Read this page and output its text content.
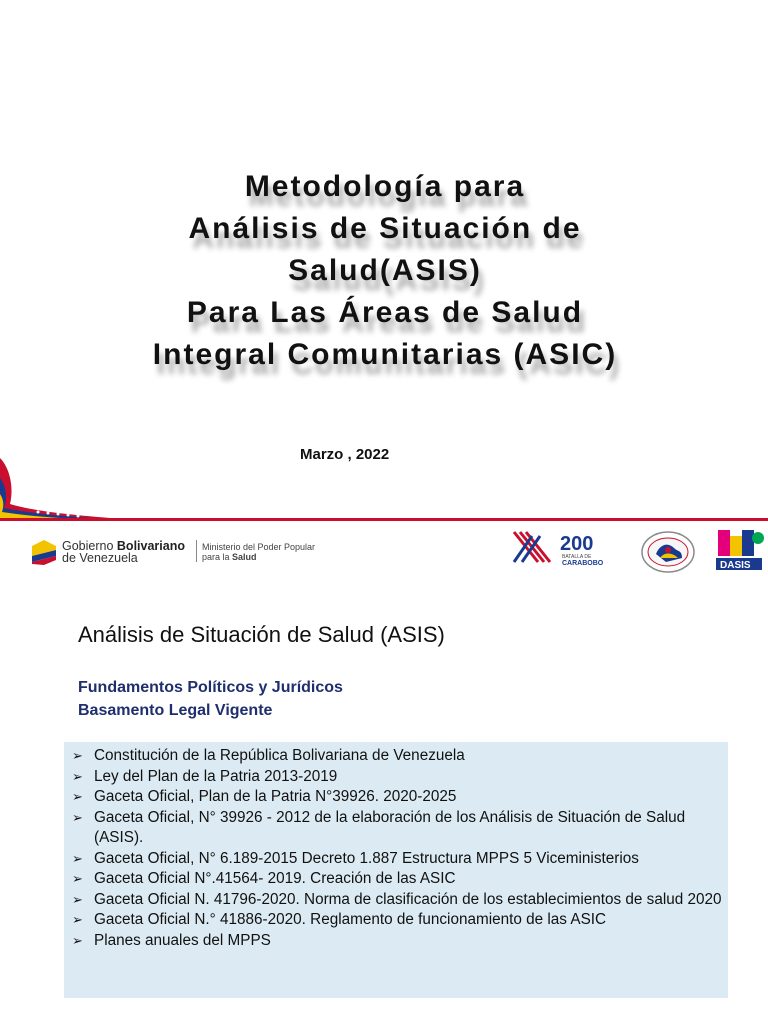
Metodología para
Análisis de Situación de
Salud(ASIS)
Para Las Áreas de Salud
Integral Comunitarias (ASIC)
Marzo , 2022
Gobierno Bolivariano
de Venezuela
Ministerio del Poder Popular
para la Salud
200
BATALLA DE
CARABOBO	DASIS
Análisis de Situación de Salud (ASIS)
Fundamentos Políticos y Jurídicos
Basamento Legal Vigente
➢ Constitución de la República Bolivariana de Venezuela
➢ Ley del Plan de la Patria 2013-2019
➢ Gaceta Oficial, Plan de la Patria N°39926. 2020-2025
➢ Gaceta Oficial, N° 39926 - 2012 de la elaboración de los Análisis de Situación de Salud (ASIS).
➢ Gaceta Oficial, N° 6.189-2015 Decreto 1.887 Estructura MPPS 5 Viceministerios
➢ Gaceta Oficial N°.41564- 2019. Creación de las ASIC
➢ Gaceta Oficial N. 41796-2020. Norma de clasificación de los establecimientos de salud 2020
➢ Gaceta Oficial N.° 41886-2020. Reglamento de funcionamiento de las ASIC
➢ Planes anuales del MPPS
